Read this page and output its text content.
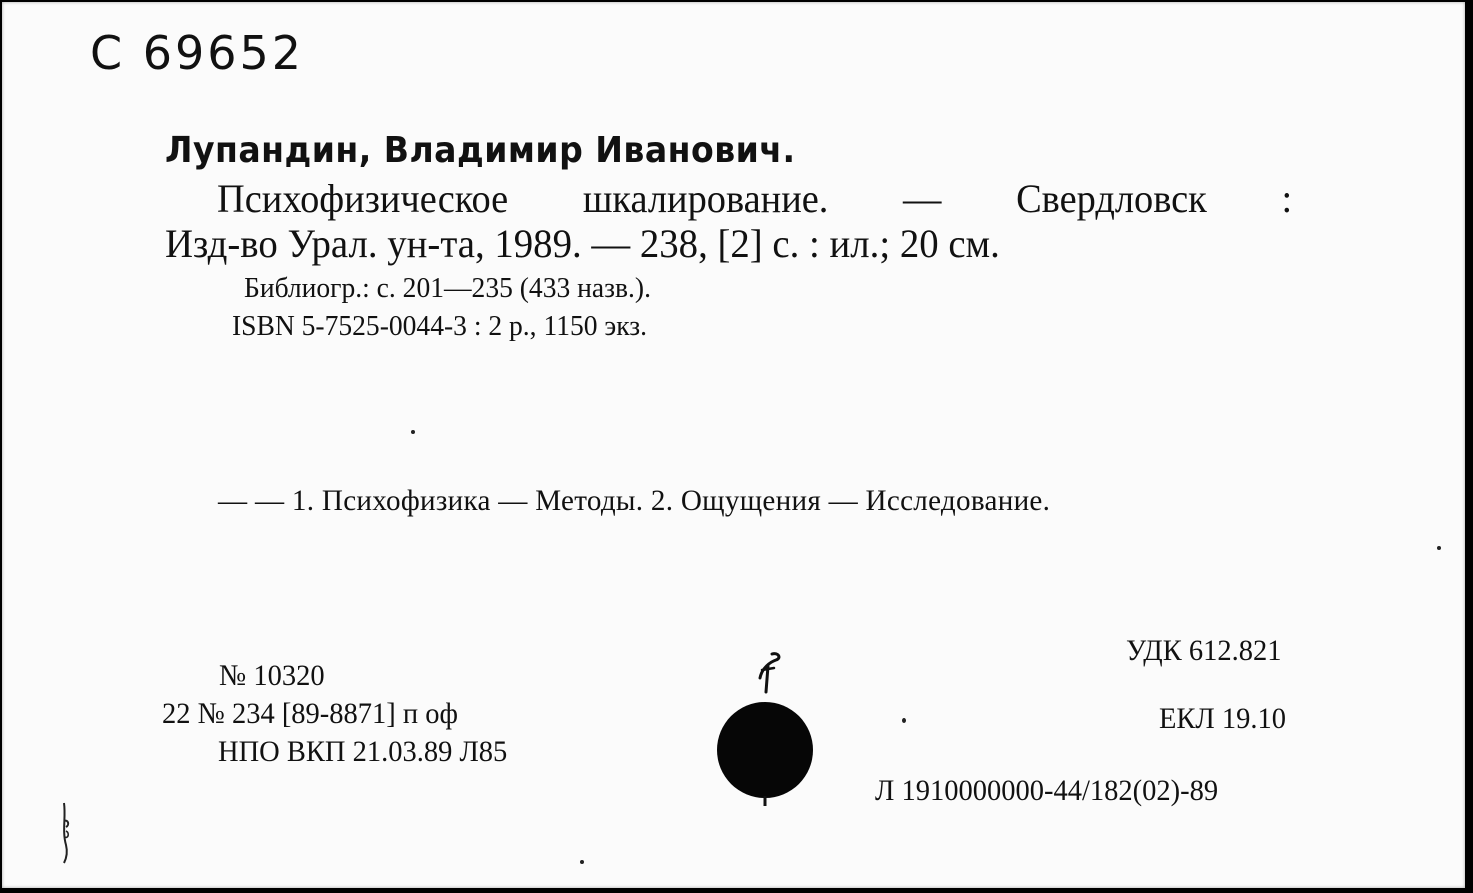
С 69652
Лупандин, Владимир Иванович.
Психофизическое шкалирование. — Свердловск :
Изд-во Урал. ун-та, 1989. — 238, [2] с. : ил.; 20 см.
Библиогр.: с. 201—235 (433 назв.).
ISBN 5-7525-0044-3 : 2 р., 1150 экз.
— — 1. Психофизика — Методы. 2. Ощущения — Исследование.
УДК 612.821
ЕКЛ 19.10
Л 1910000000-44/182(02)-89
№ 10320
22 № 234 [89-8871] п оф
НПО ВКП 21.03.89 Л85
